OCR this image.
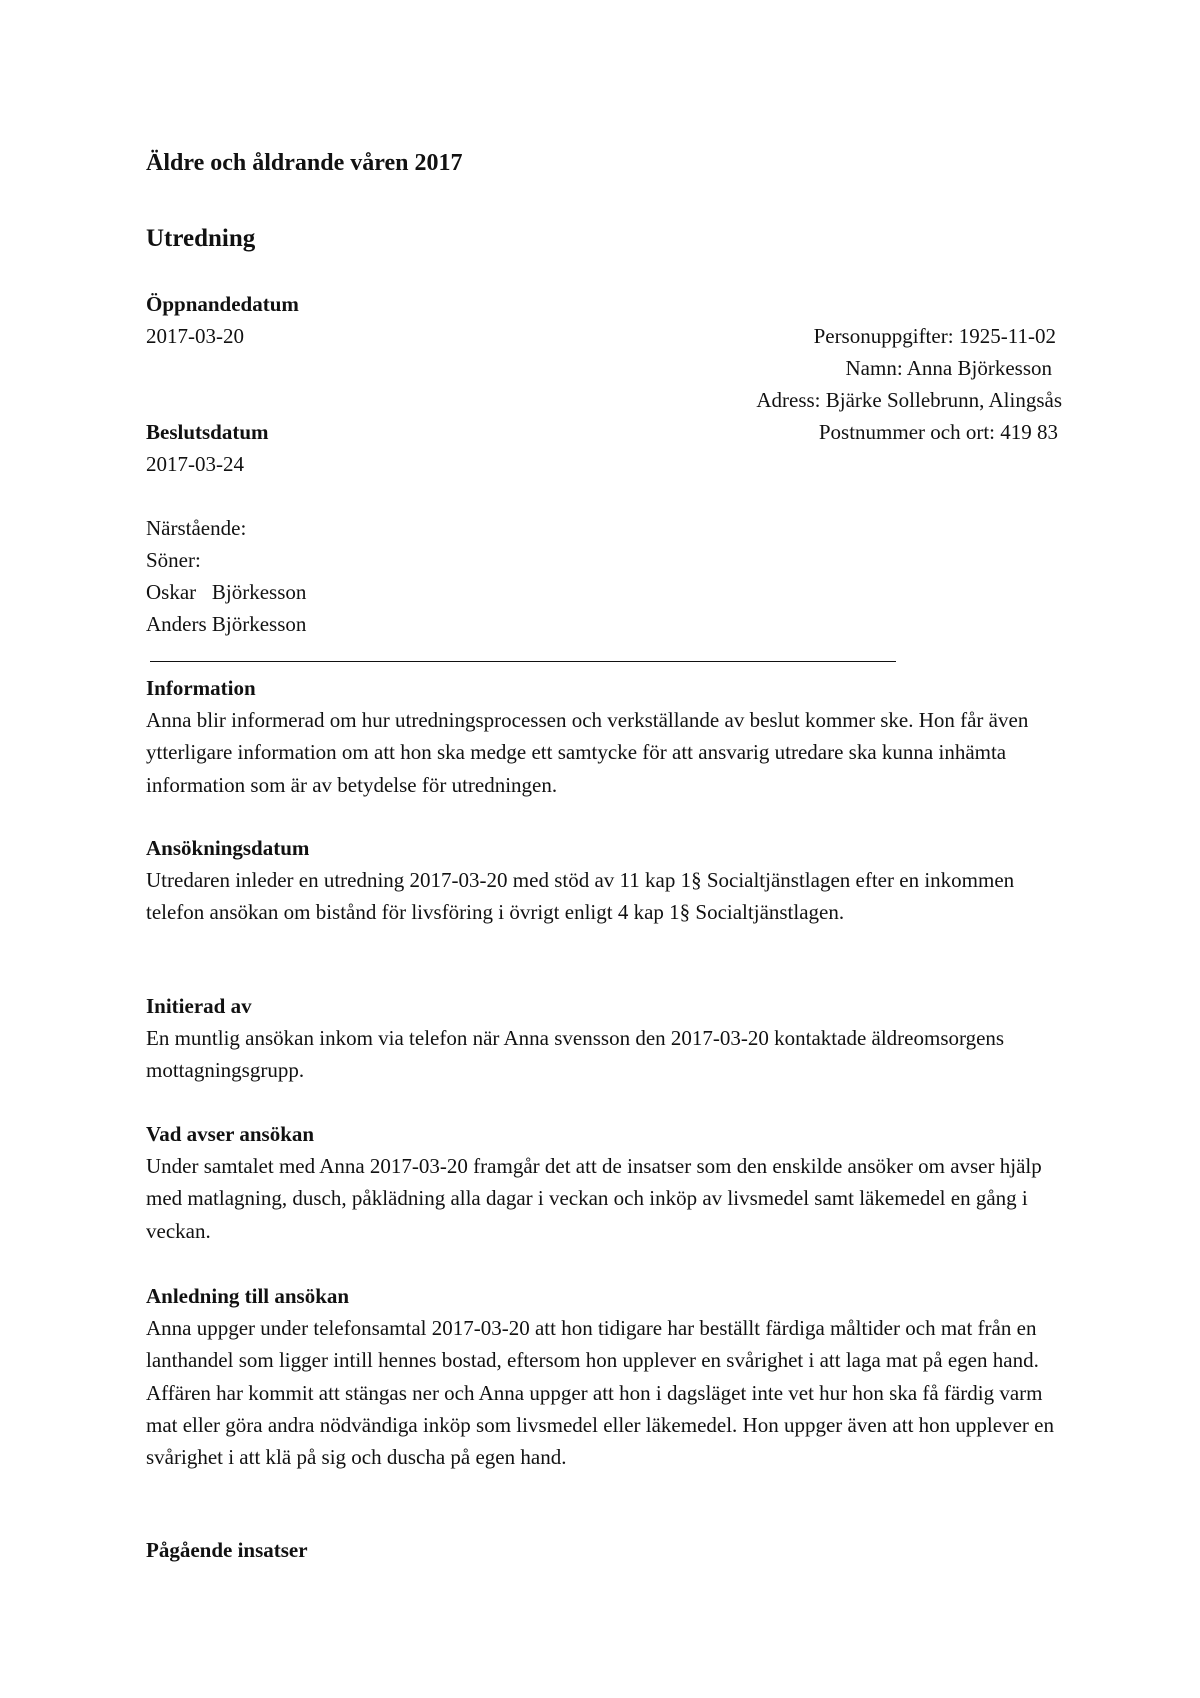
Äldre och åldrande våren 2017
Utredning
Öppnandedatum
2017-03-20
Beslutsdatum
2017-03-24
Närstående:
Söner:
Oskar   Björkesson
Anders Björkesson
Personuppgifter: 1925-11-02
Namn: Anna Björkesson
Adress: Bjärke Sollebrunn, Alingsås
Postnummer och ort: 419 83
Information

Anna blir informerad om hur utredningsprocessen och verkställande av beslut kommer ske. Hon får även ytterligare information om att hon ska medge ett samtycke för att ansvarig utredare ska kunna inhämta information som är av betydelse för utredningen.

Ansökningsdatum

Utredaren inleder en utredning 2017-03-20 med stöd av 11 kap 1§ Socialtjänstlagen efter en inkommen telefon ansökan om bistånd för livsföring i övrigt enligt 4 kap 1§ Socialtjänstlagen.

Initierad av

En muntlig ansökan inkom via telefon när Anna svensson den 2017-03-20 kontaktade äldreomsorgens mottagningsgrupp.

Vad avser ansökan

Under samtalet med Anna 2017-03-20 framgår det att de insatser som den enskilde ansöker om avser hjälp med matlagning, dusch, påklädning alla dagar i veckan och inköp av livsmedel samt läkemedel en gång i veckan.

Anledning till ansökan

Anna uppger under telefonsamtal 2017-03-20 att hon tidigare har beställt färdiga måltider och mat från en lanthandel som ligger intill hennes bostad, eftersom hon upplever en svårighet i att laga mat på egen hand. Affären har kommit att stängas ner och Anna uppger att hon i dagsläget inte vet hur hon ska få färdig varm mat eller göra andra nödvändiga inköp som livsmedel eller läkemedel. Hon uppger även att hon upplever en svårighet i att klä på sig och duscha på egen hand.

Pågående insatser
